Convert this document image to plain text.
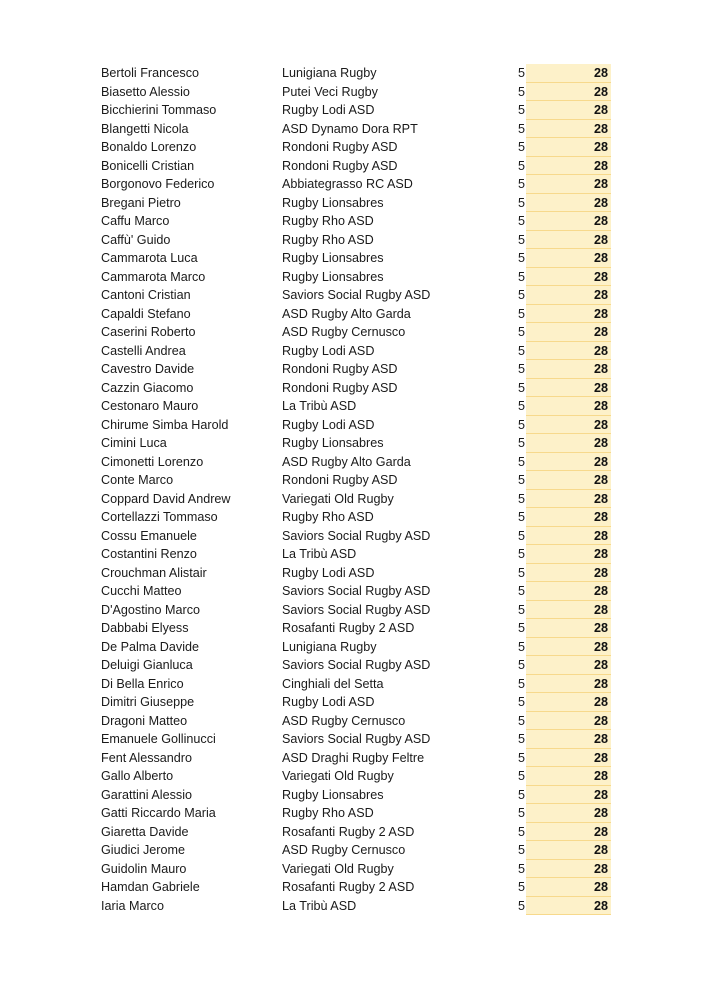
Bertoli Francesco	Lunigiana Rugby	5	28
Biasetto Alessio	Putei Veci Rugby	5	28
Bicchierini Tommaso	Rugby Lodi ASD	5	28
Blangetti Nicola	ASD Dynamo Dora RPT	5	28
Bonaldo Lorenzo	Rondoni Rugby ASD	5	28
Bonicelli Cristian	Rondoni Rugby ASD	5	28
Borgonovo Federico	Abbiategrasso RC ASD	5	28
Bregani Pietro	Rugby Lionsabres	5	28
Caffu Marco	Rugby Rho ASD	5	28
Caffù' Guido	Rugby Rho ASD	5	28
Cammarota Luca	Rugby Lionsabres	5	28
Cammarota Marco	Rugby Lionsabres	5	28
Cantoni Cristian	Saviors Social Rugby ASD	5	28
Capaldi Stefano	ASD Rugby Alto Garda	5	28
Caserini Roberto	ASD Rugby Cernusco	5	28
Castelli Andrea	Rugby Lodi ASD	5	28
Cavestro Davide	Rondoni Rugby ASD	5	28
Cazzin Giacomo	Rondoni Rugby ASD	5	28
Cestonaro Mauro	La Tribù ASD	5	28
Chirume Simba Harold	Rugby Lodi ASD	5	28
Cimini Luca	Rugby Lionsabres	5	28
Cimonetti Lorenzo	ASD Rugby Alto Garda	5	28
Conte Marco	Rondoni Rugby ASD	5	28
Coppard David Andrew	Variegati Old Rugby	5	28
Cortellazzi Tommaso	Rugby Rho ASD	5	28
Cossu Emanuele	Saviors Social Rugby ASD	5	28
Costantini Renzo	La Tribù ASD	5	28
Crouchman Alistair	Rugby Lodi ASD	5	28
Cucchi Matteo	Saviors Social Rugby ASD	5	28
D'Agostino Marco	Saviors Social Rugby ASD	5	28
Dabbabi Elyess	Rosafanti Rugby 2 ASD	5	28
De Palma Davide	Lunigiana Rugby	5	28
Deluigi Gianluca	Saviors Social Rugby ASD	5	28
Di Bella Enrico	Cinghiali del Setta	5	28
Dimitri Giuseppe	Rugby Lodi ASD	5	28
Dragoni Matteo	ASD Rugby Cernusco	5	28
Emanuele Gollinucci	Saviors Social Rugby ASD	5	28
Fent Alessandro	ASD Draghi Rugby Feltre	5	28
Gallo Alberto	Variegati Old Rugby	5	28
Garattini Alessio	Rugby Lionsabres	5	28
Gatti Riccardo Maria	Rugby Rho ASD	5	28
Giaretta Davide	Rosafanti Rugby 2 ASD	5	28
Giudici Jerome	ASD Rugby Cernusco	5	28
Guidolin Mauro	Variegati Old Rugby	5	28
Hamdan Gabriele	Rosafanti Rugby 2 ASD	5	28
Iaria Marco	La Tribù ASD	5	28
